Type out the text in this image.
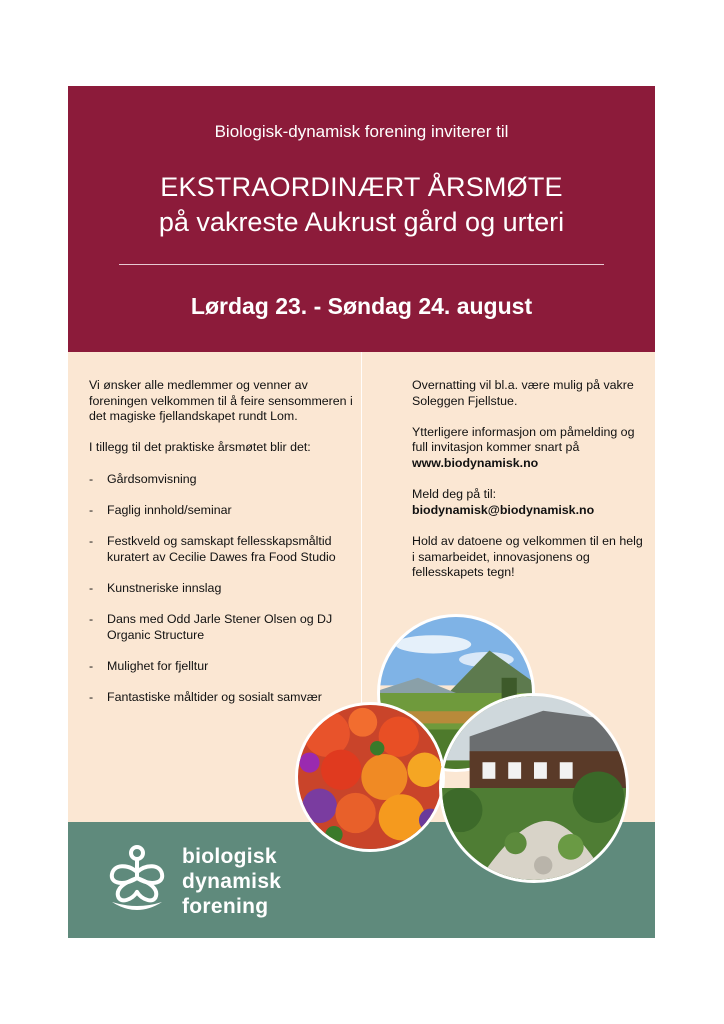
Biologisk-dynamisk forening inviterer til
EKSTRAORDINÆRT ÅRSMØTE
på vakreste Aukrust gård og urteri
Lørdag 23. - Søndag 24. august

Vi ønsker alle medlemmer og venner av foreningen velkommen til å feire sensommeren i det magiske fjellandskapet rundt Lom.

I tillegg til det praktiske årsmøtet blir det:

- Gårdsomvisning
- Faglig innhold/seminar
- Festkveld og samskapt fellesskapsmåltid kuratert av Cecilie Dawes fra Food Studio
- Kunstneriske innslag
- Dans med Odd Jarle Stener Olsen og DJ Organic Structure
- Mulighet for fjelltur
- Fantastiske måltider og sosialt samvær

Overnatting vil bl.a. være mulig på vakre Soleggen Fjellstue.

Ytterligere informasjon om påmelding og full invitasjon kommer snart på
www.biodynamisk.no

Meld deg på til:
biodynamisk@biodynamisk.no

Hold av datoene og velkommen til en helg i samarbeidet, innovasjonens og fellesskapets tegn!

biologisk
dynamisk
forening
